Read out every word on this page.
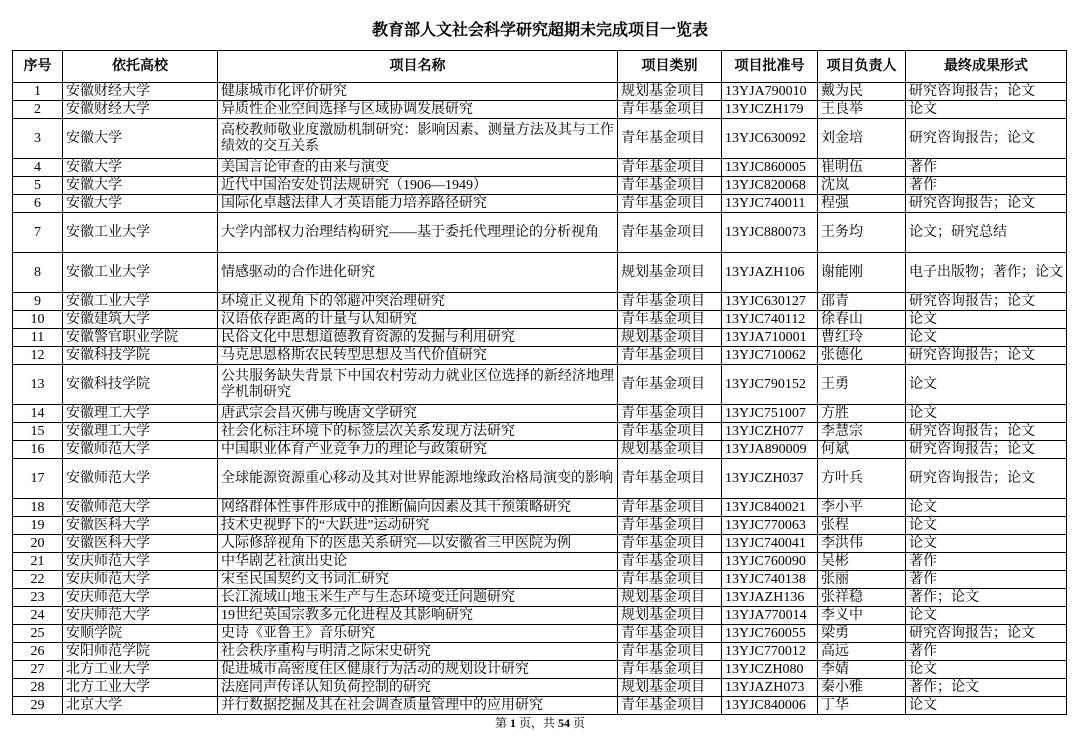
教育部人文社会科学研究超期未完成项目一览表
序号	依托高校	项目名称	项目类别	项目批准号	项目负责人	最终成果形式
1	安徽财经大学	健康城市化评价研究	规划基金项目	13YJA790010	戴为民	研究咨询报告；论文
2	安徽财经大学	异质性企业空间选择与区域协调发展研究	青年基金项目	13YJCZH179	王良举	论文
3	安徽大学	高校教师敬业度激励机制研究：影响因素、测量方法及其与工作绩效的交互关系	青年基金项目	13YJC630092	刘金培	研究咨询报告；论文
4	安徽大学	美国言论审查的由来与演变	青年基金项目	13YJC860005	崔明伍	著作
5	安徽大学	近代中国治安处罚法规研究（1906—1949）	青年基金项目	13YJC820068	沈岚	著作
6	安徽大学	国际化卓越法律人才英语能力培养路径研究	青年基金项目	13YJC740011	程强	研究咨询报告；论文
7	安徽工业大学	大学内部权力治理结构研究——基于委托代理理论的分析视角	青年基金项目	13YJC880073	王务均	论文；研究总结
8	安徽工业大学	情感驱动的合作进化研究	规划基金项目	13YJAZH106	谢能刚	电子出版物；著作；论文
9	安徽工业大学	环境正义视角下的邻避冲突治理研究	青年基金项目	13YJC630127	邵青	研究咨询报告；论文
10	安徽建筑大学	汉语依存距离的计量与认知研究	青年基金项目	13YJC740112	徐春山	论文
11	安徽警官职业学院	民俗文化中思想道德教育资源的发掘与利用研究	规划基金项目	13YJA710001	曹红玲	论文
12	安徽科技学院	马克思恩格斯农民转型思想及当代价值研究	青年基金项目	13YJC710062	张德化	研究咨询报告；论文
13	安徽科技学院	公共服务缺失背景下中国农村劳动力就业区位选择的新经济地理学机制研究	青年基金项目	13YJC790152	王勇	论文
14	安徽理工大学	唐武宗会昌灭佛与晚唐文学研究	青年基金项目	13YJC751007	方胜	论文
15	安徽理工大学	社会化标注环境下的标签层次关系发现方法研究	青年基金项目	13YJCZH077	李慧宗	研究咨询报告；论文
16	安徽师范大学	中国职业体育产业竞争力的理论与政策研究	规划基金项目	13YJA890009	何斌	研究咨询报告；论文
17	安徽师范大学	全球能源资源重心移动及其对世界能源地缘政治格局演变的影响	青年基金项目	13YJCZH037	方叶兵	研究咨询报告；论文
18	安徽师范大学	网络群体性事件形成中的推断偏向因素及其干预策略研究	青年基金项目	13YJC840021	李小平	论文
19	安徽医科大学	技术史视野下的“大跃进”运动研究	青年基金项目	13YJC770063	张程	论文
20	安徽医科大学	人际修辞视角下的医患关系研究—以安徽省三甲医院为例	青年基金项目	13YJC740041	李洪伟	论文
21	安庆师范大学	中华剧艺社演出史论	青年基金项目	13YJC760090	吴彬	著作
22	安庆师范大学	宋至民国契约文书词汇研究	青年基金项目	13YJC740138	张丽	著作
23	安庆师范大学	长江流域山地玉米生产与生态环境变迁问题研究	规划基金项目	13YJAZH136	张祥稳	著作；论文
24	安庆师范大学	19世纪英国宗教多元化进程及其影响研究	规划基金项目	13YJA770014	李义中	论文
25	安顺学院	史诗《亚鲁王》音乐研究	青年基金项目	13YJC760055	梁勇	研究咨询报告；论文
26	安阳师范学院	社会秩序重构与明清之际宋史研究	青年基金项目	13YJC770012	高远	著作
27	北方工业大学	促进城市高密度住区健康行为活动的规划设计研究	青年基金项目	13YJCZH080	李婧	论文
28	北方工业大学	法庭同声传译认知负荷控制的研究	规划基金项目	13YJAZH073	秦小雅	著作；论文
29	北京大学	并行数据挖掘及其在社会调查质量管理中的应用研究	青年基金项目	13YJC840006	丁华	论文
第 1 页，共 54 页
